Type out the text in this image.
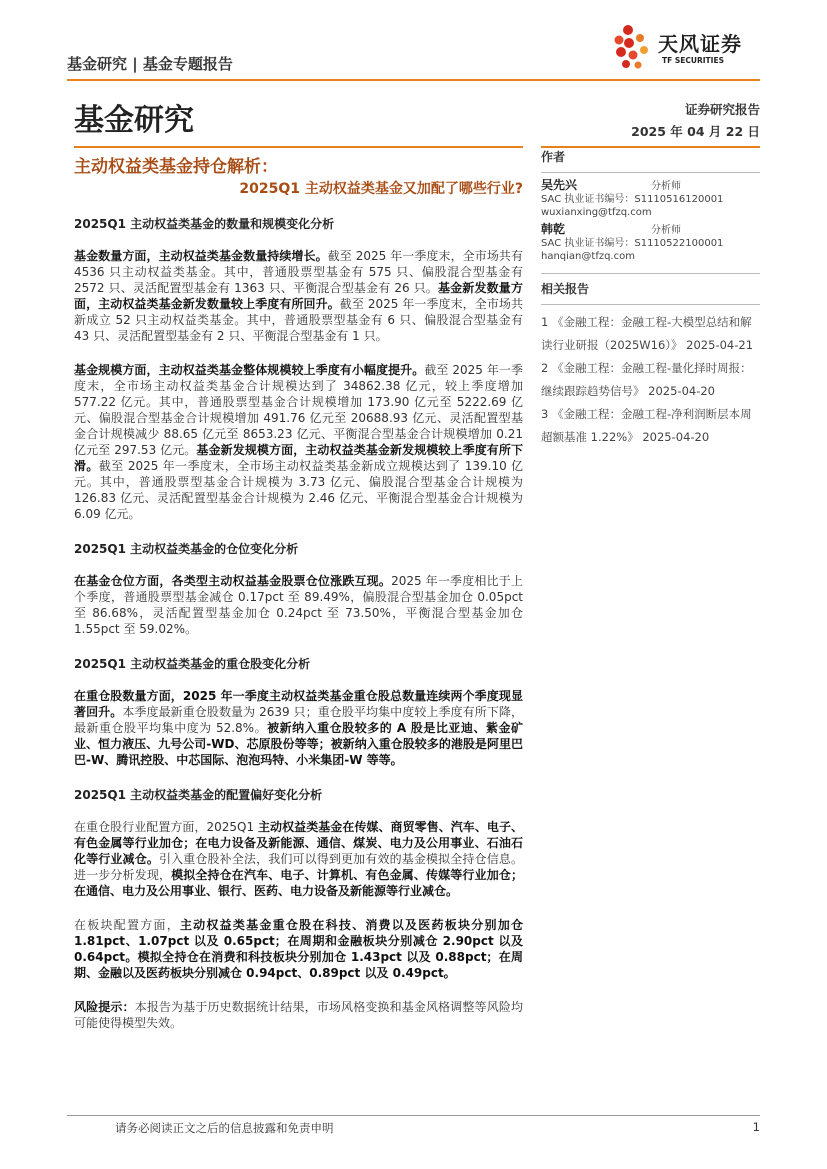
基金研究 | 基金专题报告
天风证券
TF SECURITIES
基金研究	证券研究报告
2025 年 04 月 22 日
主动权益类基金持仓解析：
2025Q1 主动权益类基金又加配了哪些行业?
2025Q1 主动权益类基金的数量和规模变化分析

基金数量方面，主动权益类基金数量持续增长。截至 2025 年一季度末，全市场共有 4536 只主动权益类基金。其中，普通股票型基金有 575 只、偏股混合型基金有 2572 只、灵活配置型基金有 1363 只、平衡混合型基金有 26 只。基金新发数量方面，主动权益类基金新发数量较上季度有所回升。截至 2025 年一季度末，全市场共新成立 52 只主动权益类基金。其中，普通股票型基金有 6 只、偏股混合型基金有 43 只、灵活配置型基金有 2 只、平衡混合型基金有 1 只。

基金规模方面，主动权益类基金整体规模较上季度有小幅度提升。截至 2025 年一季度末，全市场主动权益类基金合计规模达到了 34862.38 亿元，较上季度增加 577.22 亿元。其中，普通股票型基金合计规模增加 173.90 亿元至 5222.69 亿元、偏股混合型基金合计规模增加 491.76 亿元至 20688.93 亿元、灵活配置型基金合计规模减少 88.65 亿元至 8653.23 亿元、平衡混合型基金合计规模增加 0.21 亿元至 297.53 亿元。基金新发规模方面，主动权益类基金新发规模较上季度有所下滑。截至 2025 年一季度末，全市场主动权益类基金新成立规模达到了 139.10 亿元。其中，普通股票型基金合计规模为 3.73 亿元、偏股混合型基金合计规模为 126.83 亿元、灵活配置型基金合计规模为 2.46 亿元、平衡混合型基金合计规模为 6.09 亿元。

2025Q1 主动权益类基金的仓位变化分析

在基金仓位方面，各类型主动权益基金股票仓位涨跌互现。2025 年一季度相比于上个季度，普通股票型基金减仓 0.17pct 至 89.49%，偏股混合型基金加仓 0.05pct 至 86.68%，灵活配置型基金加仓 0.24pct 至 73.50%，平衡混合型基金加仓 1.55pct 至 59.02%。

2025Q1 主动权益类基金的重仓股变化分析

在重仓股数量方面，2025 年一季度主动权益类基金重仓股总数量连续两个季度现显著回升。本季度最新重仓股数量为 2639 只；重仓股平均集中度较上季度有所下降，最新重仓股平均集中度为 52.8%。被新纳入重仓股较多的 A 股是比亚迪、紫金矿业、恒力液压、九号公司-WD、芯原股份等等；被新纳入重仓股较多的港股是阿里巴巴-W、腾讯控股、中芯国际、泡泡玛特、小米集团-W 等等。

2025Q1 主动权益类基金的配置偏好变化分析

在重仓股行业配置方面，2025Q1 主动权益类基金在传媒、商贸零售、汽车、电子、有色金属等行业加仓；在电力设备及新能源、通信、煤炭、电力及公用事业、石油石化等行业减仓。引入重仓股补全法，我们可以得到更加有效的基金模拟全持仓信息。进一步分析发现，模拟全持仓在汽车、电子、计算机、有色金属、传媒等行业加仓；在通信、电力及公用事业、银行、医药、电力设备及新能源等行业减仓。

在板块配置方面，主动权益类基金重仓股在科技、消费以及医药板块分别加仓 1.81pct、1.07pct 以及 0.65pct；在周期和金融板块分别减仓 2.90pct 以及 0.64pct。模拟全持仓在消费和科技板块分别加仓 1.43pct 以及 0.88pct；在周期、金融以及医药板块分别减仓 0.94pct、0.89pct 以及 0.49pct。

风险提示：本报告为基于历史数据统计结果，市场风格变换和基金风格调整等风险均可能使得模型失效。

作者
吴先兴	分析师
SAC 执业证书编号：S1110516120001
wuxianxing@tfzq.com
韩乾	分析师
SAC 执业证书编号：S1110522100001
hanqian@tfzq.com
相关报告
1 《金融工程：金融工程-大模型总结和解读行业研报（2025W16）》 2025-04-21
2 《金融工程：金融工程-量化择时周报：继续跟踪趋势信号》 2025-04-20
3 《金融工程：金融工程-净利润断层本周超额基准 1.22%》 2025-04-20
请务必阅读正文之后的信息披露和免责申明	1
